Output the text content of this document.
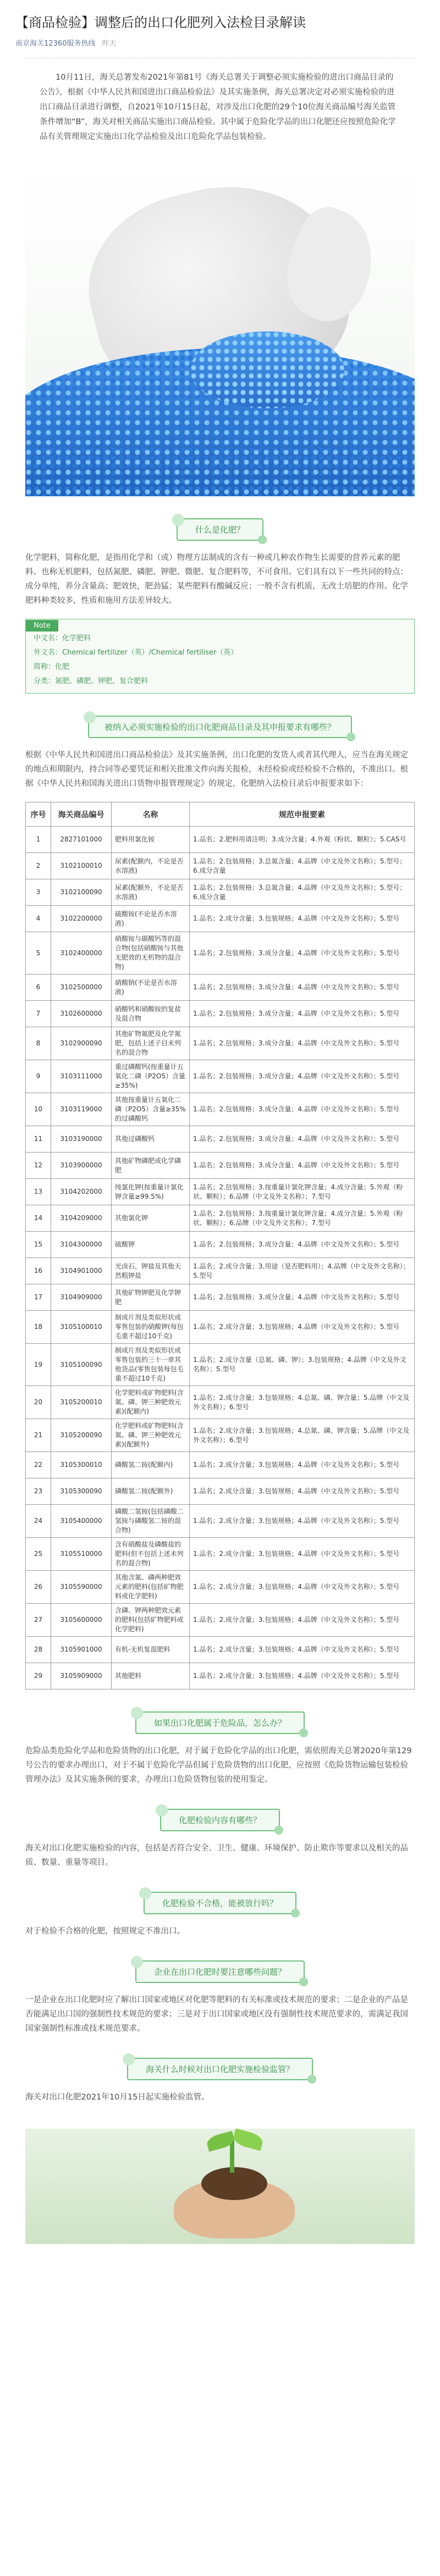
【商品检验】调整后的出口化肥列入法检目录解读
南京海关12360服务热线 昨天
10月11日，海关总署发布2021年第81号《海关总署关于调整必须实施检验的进出口商品目录的公告》，根据《中华人民共和国进出口商品检验法》及其实施条例，海关总署决定对必须实施检验的进出口商品目录进行调整，自2021年10月15日起，对涉及出口化肥的29个10位海关商品编号海关监管条件增加“B”，海关对相关商品实施出口商品检验。其中属于危险化学品的出口化肥还应按照危险化学品有关管理规定实施出口化学品检验及出口危险化学品包装检验。
什么是化肥？

化学肥料，简称化肥，是指用化学和（或）物理方法制成的含有一种或几种农作物生长需要的营养元素的肥料。也称无机肥料，包括氮肥、磷肥、钾肥、微肥、复合肥料等，不可食用。它们具有以下一些共同的特点：成分单纯，养分含量高；肥效快，肥劲猛；某些肥料有酸碱反应；一般不含有机质，无改土培肥的作用。化学肥料种类较多，性质和施用方法差异较大。

Note
中文名：化学肥料
外文名：Chemical fertilizer（英）/Chemical fertiliser（英）
简称：化肥
分类：氮肥、磷肥、钾肥、复合肥料
被纳入必须实施检验的出口化肥商品目录及其申报要求有哪些？

根据《中华人民共和国进出口商品检验法》及其实施条例，出口化肥的发货人或者其代理人，应当在海关规定的地点和期限内，持合同等必要凭证和相关批准文件向海关报检，未经检验或经检验不合格的，不准出口。根据《中华人民共和国海关进出口货物申报管理规定》的规定，化肥纳入法检目录后申报要求如下：

序号	海关商品编号	名称	规范申报要素
1	2827101000	肥料用氯化铵	1.品名；2.肥料用请注明；3.成分含量；4.外观（粉状、颗粒）；5.CAS号
2	3102100010	尿素(配额内，不论是否水溶液)	1.品名；2.包装规格；3.总氮含量；4.品牌（中文及外文名称）；5.型号；6.成分含量
3	3102100090	尿素(配额外，不论是否水溶液)	1.品名；2.包装规格；3.总氮含量；4.品牌（中文及外文名称）；5.型号；6.成分含量
4	3102200000	硫酸铵(不论是否水溶液)	1.品名；2.成分含量；3.包装规格；4.品牌（中文及外文名称）；5.型号
5	3102400000	硝酸铵与碳酸钙等的混合物(包括硝酸铵与其他无肥效的无机物的混合物)	1.品名；2.包装规格；3.成分含量；4.品牌（中文及外文名称）；5.型号
6	3102500000	硝酸钠(不论是否水溶液)	1.品名；2.包装规格；3.成分含量；4.品牌（中文及外文名称）；5.型号
7	3102600000	硝酸钙和硝酸铵的复盐及混合物	1.品名；2.包装规格；3.成分含量；4.品牌（中文及外文名称）；5.型号
8	3102900090	其他矿物氮肥及化学氮肥，包括上述子目未列名的混合物	1.品名；2.包装规格；3.成分含量；4.品牌（中文及外文名称）；5.型号
9	3103111000	重过磷酸钙(按重量计五氧化二磷（P2O5）含量≥35%)	1.品名；2.包装规格；3.成分含量；4.品牌（中文及外文名称）；5.型号
10	3103119000	其他按重量计五氧化二磷（P2O5）含量≥35%的过磷酸钙	1.品名；2.包装规格；3.成分含量；4.品牌（中文及外文名称）；5.型号
11	3103190000	其他过磷酸钙	1.品名；2.包装规格；3.成分含量；4.品牌（中文及外文名称）；5.型号
12	3103900000	其他矿物磷肥或化学磷肥	1.品名；2.包装规格；3.成分含量；4.品牌（中文及外文名称）；5.型号
13	3104202000	纯氯化钾(按重量计氯化钾含量≥99.5%)	1.品名；2.包装规格；3.按重量计氯化钾含量；4.成分含量；5.外观（粉状、颗粒）；6.品牌（中文及外文名称）；7.型号
14	3104209000	其他氯化钾	1.品名；2.包装规格；3.按重量计氯化钾含量；4.成分含量；5.外观（粉状、颗粒）；6.品牌（中文及外文名称）；7.型号
15	3104300000	硫酸钾	1.品名；2.包装规格；3.成分含量；4.品牌（中文及外文名称）；5.型号
16	3104901000	光卤石，钾盐及其他天然粗钾盐	1.品名；2.成分含量；3.用途（是否肥料用）；4.品牌（中文及外文名称）；5.型号
17	3104909000	其他矿物钾肥及化学钾肥	1.品名；2.包装规格；3.成分含量；4.品牌（中文及外文名称）；5.型号
18	3105100010	制成片剂及类似形状或零售包装的硝酸钾(每包毛重不超过10千克)	1.品名；2.成分含量；3.包装规格；4.品牌（中文及外文名称）；5.型号
19	3105100090	制成片剂及类似形状或零售包装的三十一章其他货品(零售包装每包毛重不超过10千克)	1.品名；2.成分含量（总氮、磷、钾）；3.包装规格；4.品牌（中文及外文名称）；5.型号
20	3105200010	化学肥料或矿物肥料(含氮、磷、钾三种肥效元素)(配额内)	1.品名；2.成分含量；3.包装规格；4.总氮、磷、钾含量；5.品牌（中文及外文名称）；6.型号
21	3105200090	化学肥料或矿物肥料(含氮、磷、钾三种肥效元素)(配额外)	1.品名；2.成分含量；3.包装规格；4.总氮、磷、钾含量；5.品牌（中文及外文名称）；6.型号
22	3105300010	磷酸氢二铵(配额内)	1.品名；2.成分含量；3.包装规格；4.品牌（中文及外文名称）；5.型号
23	3105300090	磷酸氢二铵(配额外)	1.品名；2.成分含量；3.包装规格；4.品牌（中文及外文名称）；5.型号
24	3105400000	磷酸二氢铵(包括磷酸二氢铵与磷酸氢二铵的混合物)	1.品名；2.成分含量；3.包装规格；4.品牌（中文及外文名称）；5.型号
25	3105510000	含有硝酸盐及磷酸盐的肥料(但不包括上述未列名的混合物)	1.品名；2.成分含量；3.包装规格；4.品牌（中文及外文名称）；5.型号
26	3105590000	其他含氮、磷两种肥效元素的肥料(包括矿物肥料或化学肥料)	1.品名；2.成分含量；3.包装规格；4.品牌（中文及外文名称）；5.型号
27	3105600000	含磷、钾两种肥效元素的肥料(包括矿物肥料或化学肥料)	1.品名；2.成分含量；3.包装规格；4.品牌（中文及外文名称）；5.型号
28	3105901000	有机-无机复混肥料	1.品名；2.成分含量；3.包装规格；4.品牌（中文及外文名称）；5.型号
29	3105909000	其他肥料	1.品名；2.成分含量；3.包装规格；4.品牌（中文及外文名称）；5.型号
如果出口化肥属于危险品，怎么办？

危险品类危险化学品和危险货物的出口化肥，对于属于危险化学品的出口化肥，需依照海关总署2020年第129号公告的要求办理出口，对于不属于危险化学品但属于危险货物的出口化肥，应按照《危险货物运输包装检验管理办法》及其实施条例的要求，办理出口危险货物包装的使用鉴定。

化肥检验内容有哪些？

海关对出口化肥实施检验的内容，包括是否符合安全、卫生、健康、环境保护、防止欺诈等要求以及相关的品质、数量、重量等项目。

化肥检验不合格，能被放行吗？

对于检验不合格的化肥，按照规定不准出口。

企业在出口化肥时要注意哪些问题？

一是企业在出口化肥时应了解出口国家或地区对化肥等肥料的有关标准或技术规范的要求；二是企业的产品是否能满足出口国的强制性技术规范的要求；三是对于出口国家或地区没有强制性技术规范要求的，需满足我国国家强制性标准或技术规范要求。

海关什么时候对出口化肥实施检验监管？

海关对出口化肥2021年10月15日起实施检验监管。
